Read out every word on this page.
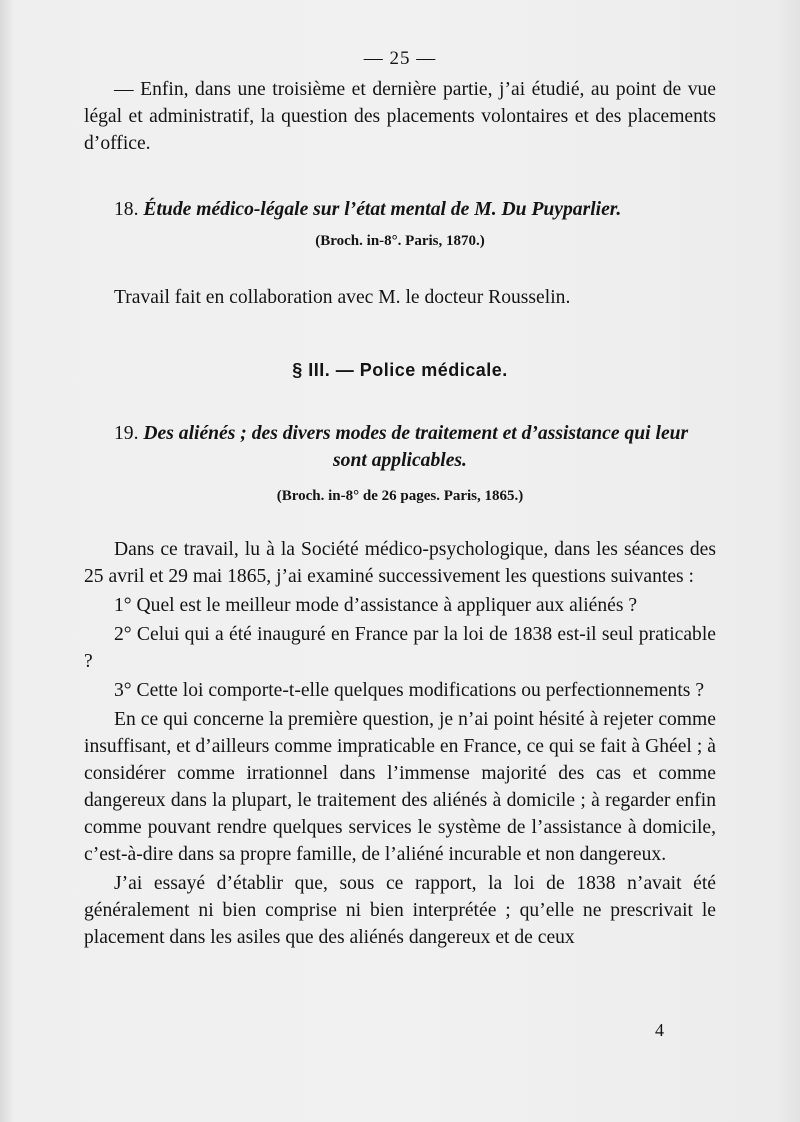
— 25 —

— Enfin, dans une troisième et dernière partie, j’ai étudié, au point de vue légal et administratif, la question des placements volontaires et des placements d’office.

18. Étude médico-légale sur l’état mental de M. Du Puyparlier.

(Broch. in-8°. Paris, 1870.)

Travail fait en collaboration avec M. le docteur Rousselin.

§ III. — Police médicale.

19. Des aliénés ; des divers modes de traitement et d’assistance qui leur

sont applicables.

(Broch. in-8° de 26 pages. Paris, 1865.)

Dans ce travail, lu à la Société médico-psychologique, dans les séances des 25 avril et 29 mai 1865, j’ai examiné successivement les questions suivantes :

1° Quel est le meilleur mode d’assistance à appliquer aux aliénés ?

2° Celui qui a été inauguré en France par la loi de 1838 est-il seul praticable ?

3° Cette loi comporte-t-elle quelques modifications ou perfectionnements ?

En ce qui concerne la première question, je n’ai point hésité à rejeter comme insuffisant, et d’ailleurs comme impraticable en France, ce qui se fait à Ghéel ; à considérer comme irrationnel dans l’immense majorité des cas et comme dangereux dans la plupart, le traitement des aliénés à domicile ; à regarder enfin comme pouvant rendre quelques services le système de l’assistance à domicile, c’est-à-dire dans sa propre famille, de l’aliéné incurable et non dangereux.

J’ai essayé d’établir que, sous ce rapport, la loi de 1838 n’avait été généralement ni bien comprise ni bien interprétée ; qu’elle ne prescrivait le placement dans les asiles que des aliénés dangereux et de ceux

4
